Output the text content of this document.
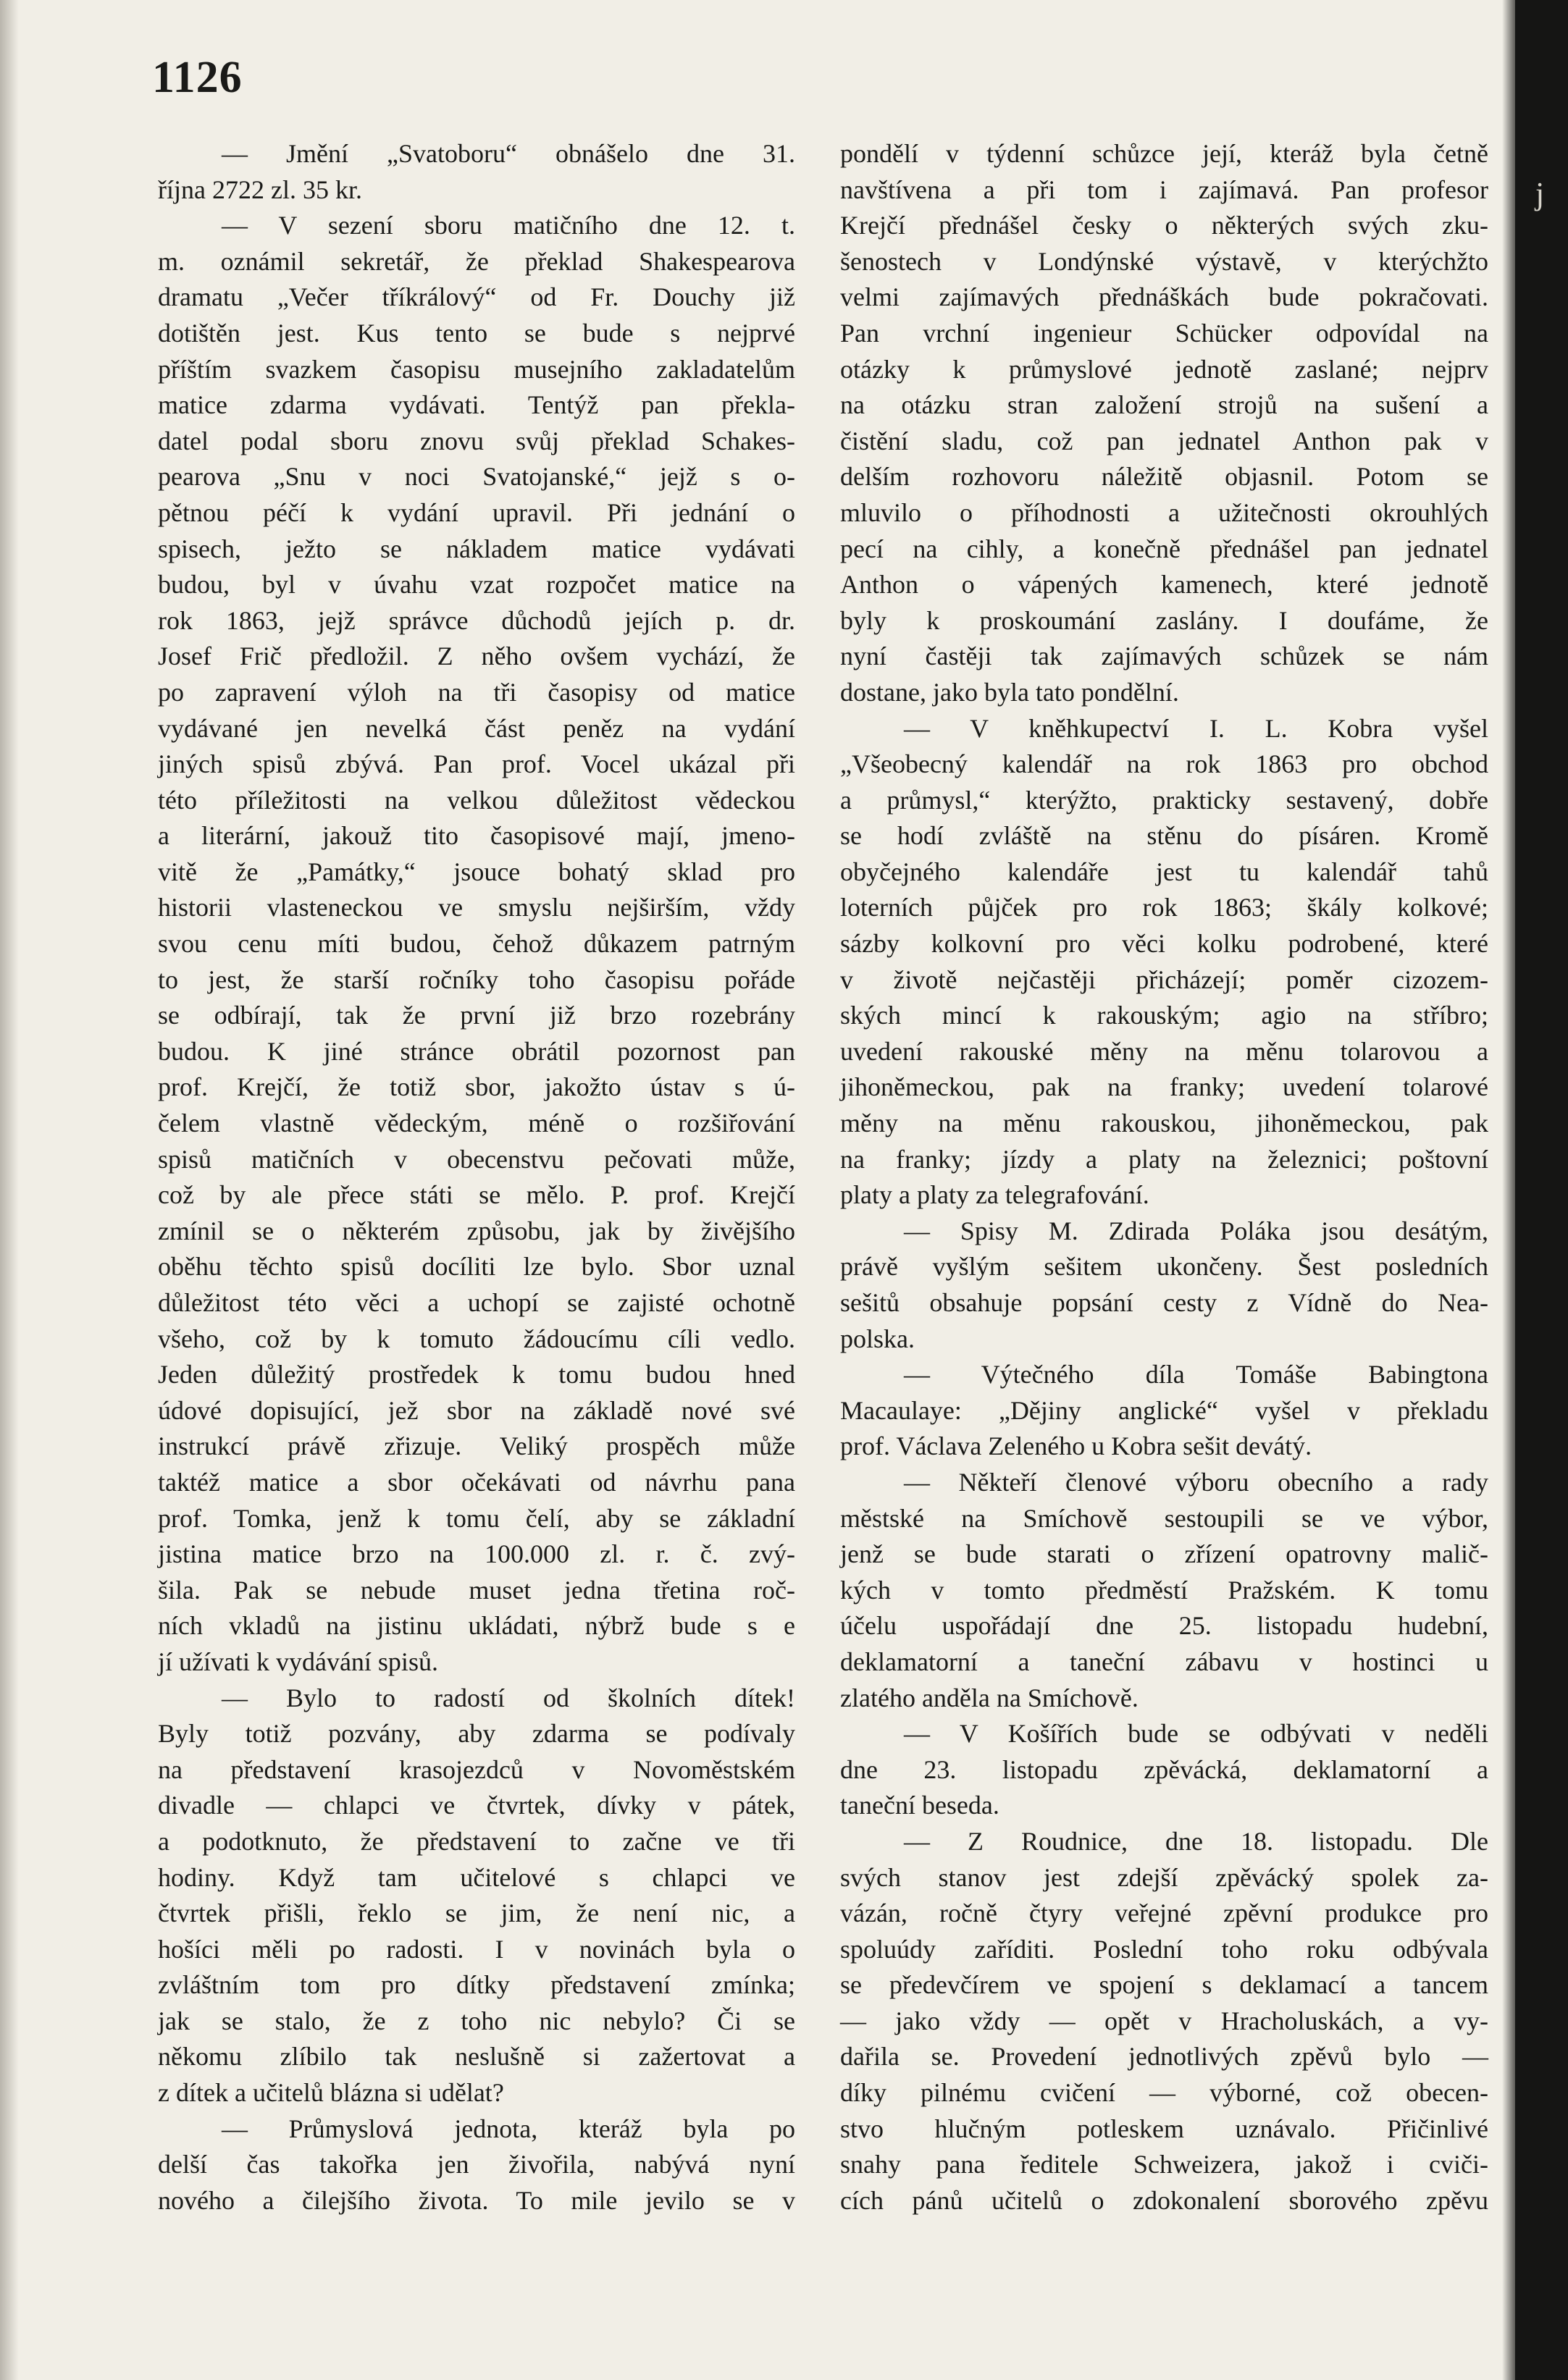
j
1126
— Jmění „Svatoboru“ obnášelo dne 31.
října 2722 zl. 35 kr.
— V sezení sboru matičního dne 12. t.
m. oznámil sekretář, že překlad Shakespearova
dramatu „Večer tříkrálový“ od Fr. Douchy již
dotištěn jest. Kus tento se bude s nejprvé
příštím svazkem časopisu musejního zakladatelům
matice zdarma vydávati. Tentýž pan překla-
datel podal sboru znovu svůj překlad Schakes-
pearova „Snu v noci Svatojanské,“ jejž s o-
pětnou péčí k vydání upravil. Při jednání o
spisech, ježto se nákladem matice vydávati
budou, byl v úvahu vzat rozpočet matice na
rok 1863, jejž správce důchodů jejích p. dr.
Josef Frič předložil. Z něho ovšem vychází, že
po zapravení výloh na tři časopisy od matice
vydávané jen nevelká část peněz na vydání
jiných spisů zbývá. Pan prof. Vocel ukázal při
této příležitosti na velkou důležitost vědeckou
a literární, jakouž tito časopisové mají, jmeno-
vitě že „Památky,“ jsouce bohatý sklad pro
historii vlasteneckou ve smyslu nejširším, vždy
svou cenu míti budou, čehož důkazem patrným
to jest, že starší ročníky toho časopisu pořáde
se odbírají, tak že první již brzo rozebrány
budou. K jiné stránce obrátil pozornost pan
prof. Krejčí, že totiž sbor, jakožto ústav s ú-
čelem vlastně vědeckým, méně o rozšiřování
spisů matičních v obecenstvu pečovati může,
což by ale přece státi se mělo. P. prof. Krejčí
zmínil se o některém způsobu, jak by živějšího
oběhu těchto spisů docíliti lze bylo. Sbor uznal
důležitost této věci a uchopí se zajisté ochotně
všeho, což by k tomuto žádoucímu cíli vedlo.
Jeden důležitý prostředek k tomu budou hned
údové dopisující, jež sbor na základě nové své
instrukcí právě zřizuje. Veliký prospěch může
taktéž matice a sbor očekávati od návrhu pana
prof. Tomka, jenž k tomu čelí, aby se základní
jistina matice brzo na 100.000 zl. r. č. zvý-
šila. Pak se nebude muset jedna třetina roč-
ních vkladů na jistinu ukládati, nýbrž bude s e
jí užívati k vydávání spisů.
— Bylo to radostí od školních dítek!
Byly totiž pozvány, aby zdarma se podívaly
na představení krasojezdců v Novoměstském
divadle — chlapci ve čtvrtek, dívky v pátek,
a podotknuto, že představení to začne ve tři
hodiny. Když tam učitelové s chlapci ve
čtvrtek přišli, řeklo se jim, že není nic, a
hošíci měli po radosti. I v novinách byla o
zvláštním tom pro dítky představení zmínka;
jak se stalo, že z toho nic nebylo? Či se
někomu zlíbilo tak neslušně si zažertovat a
z dítek a učitelů blázna si udělat?
— Průmyslová jednota, kteráž byla po
delší čas takořka jen živořila, nabývá nyní
nového a čilejšího života. To mile jevilo se v
pondělí v týdenní schůzce její, kteráž byla četně
navštívena a při tom i zajímavá. Pan profesor
Krejčí přednášel česky o některých svých zku-
šenostech v Londýnské výstavě, v kterýchžto
velmi zajímavých přednáškách bude pokračovati.
Pan vrchní ingenieur Schücker odpovídal na
otázky k průmyslové jednotě zaslané; nejprv
na otázku stran založení strojů na sušení a
čistění sladu, což pan jednatel Anthon pak v
delším rozhovoru náležitě objasnil. Potom se
mluvilo o příhodnosti a užitečnosti okrouhlých
pecí na cihly, a konečně přednášel pan jednatel
Anthon o vápených kamenech, které jednotě
byly k proskoumání zaslány. I doufáme, že
nyní častěji tak zajímavých schůzek se nám
dostane, jako byla tato pondělní.
— V kněhkupectví I. L. Kobra vyšel
„Všeobecný kalendář na rok 1863 pro obchod
a průmysl,“ kterýžto, prakticky sestavený, dobře
se hodí zvláště na stěnu do písáren. Kromě
obyčejného kalendáře jest tu kalendář tahů
loterních půjček pro rok 1863; škály kolkové;
sázby kolkovní pro věci kolku podrobené, které
v životě nejčastěji přicházejí; poměr cizozem-
ských mincí k rakouským; agio na stříbro;
uvedení rakouské měny na měnu tolarovou a
jihoněmeckou, pak na franky; uvedení tolarové
měny na měnu rakouskou, jihoněmeckou, pak
na franky; jízdy a platy na železnici; poštovní
platy a platy za telegrafování.
— Spisy M. Zdirada Poláka jsou desátým,
právě vyšlým sešitem ukončeny. Šest posledních
sešitů obsahuje popsání cesty z Vídně do Nea-
polska.
— Výtečného díla Tomáše Babingtona
Macaulaye: „Dějiny anglické“ vyšel v překladu
prof. Václava Zeleného u Kobra sešit devátý.
— Někteří členové výboru obecního a rady
městské na Smíchově sestoupili se ve výbor,
jenž se bude starati o zřízení opatrovny malič-
kých v tomto předměstí Pražském. K tomu
účelu uspořádají dne 25. listopadu hudební,
deklamatorní a taneční zábavu v hostinci u
zlatého anděla na Smíchově.
— V Košířích bude se odbývati v neděli
dne 23. listopadu zpěvácká, deklamatorní a
taneční beseda.
— Z Roudnice, dne 18. listopadu. Dle
svých stanov jest zdejší zpěvácký spolek za-
vázán, ročně čtyry veřejné zpěvní produkce pro
spoluúdy zaříditi. Poslední toho roku odbývala
se předevčírem ve spojení s deklamací a tancem
— jako vždy — opět v Hracholuskách, a vy-
dařila se. Provedení jednotlivých zpěvů bylo —
díky pilnému cvičení — výborné, což obecen-
stvo hlučným potleskem uznávalo. Přičinlivé
snahy pana ředitele Schweizera, jakož i cviči-
cích pánů učitelů o zdokonalení sborového zpěvu
